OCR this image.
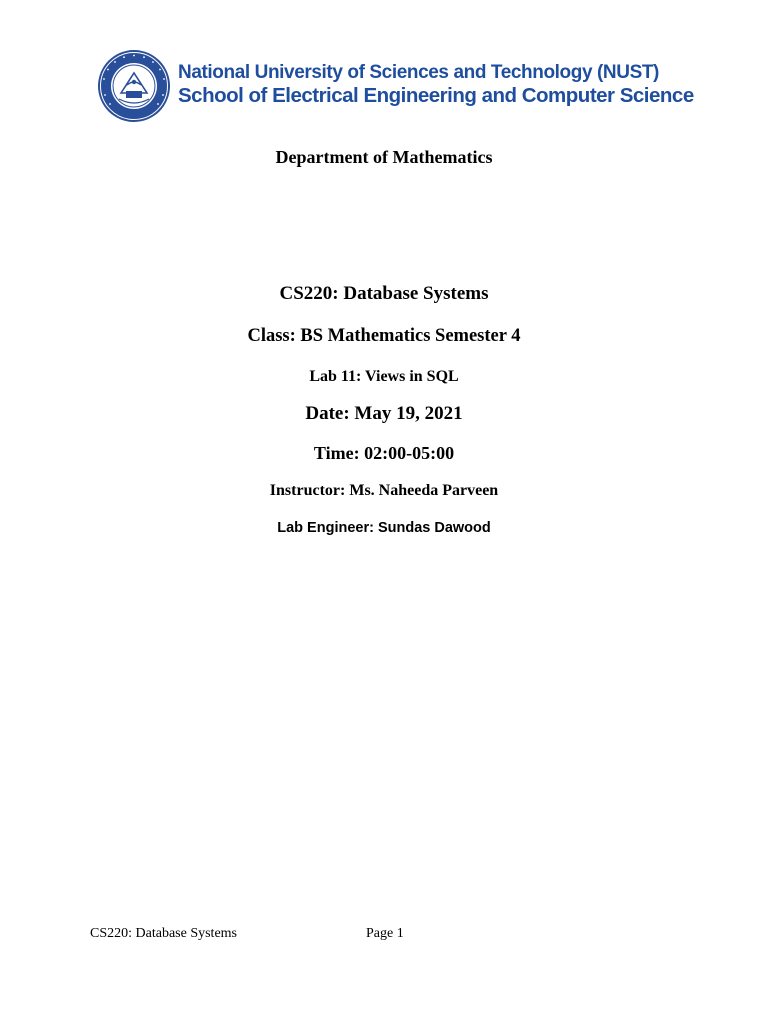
National University of Sciences and Technology (NUST)
School of Electrical Engineering and Computer Science
Department of Mathematics
CS220: Database Systems
Class: BS Mathematics Semester 4
Lab 11: Views in SQL
Date: May 19, 2021
Time: 02:00-05:00
Instructor: Ms. Naheeda Parveen
Lab Engineer: Sundas Dawood
CS220: Database Systems	Page 1
